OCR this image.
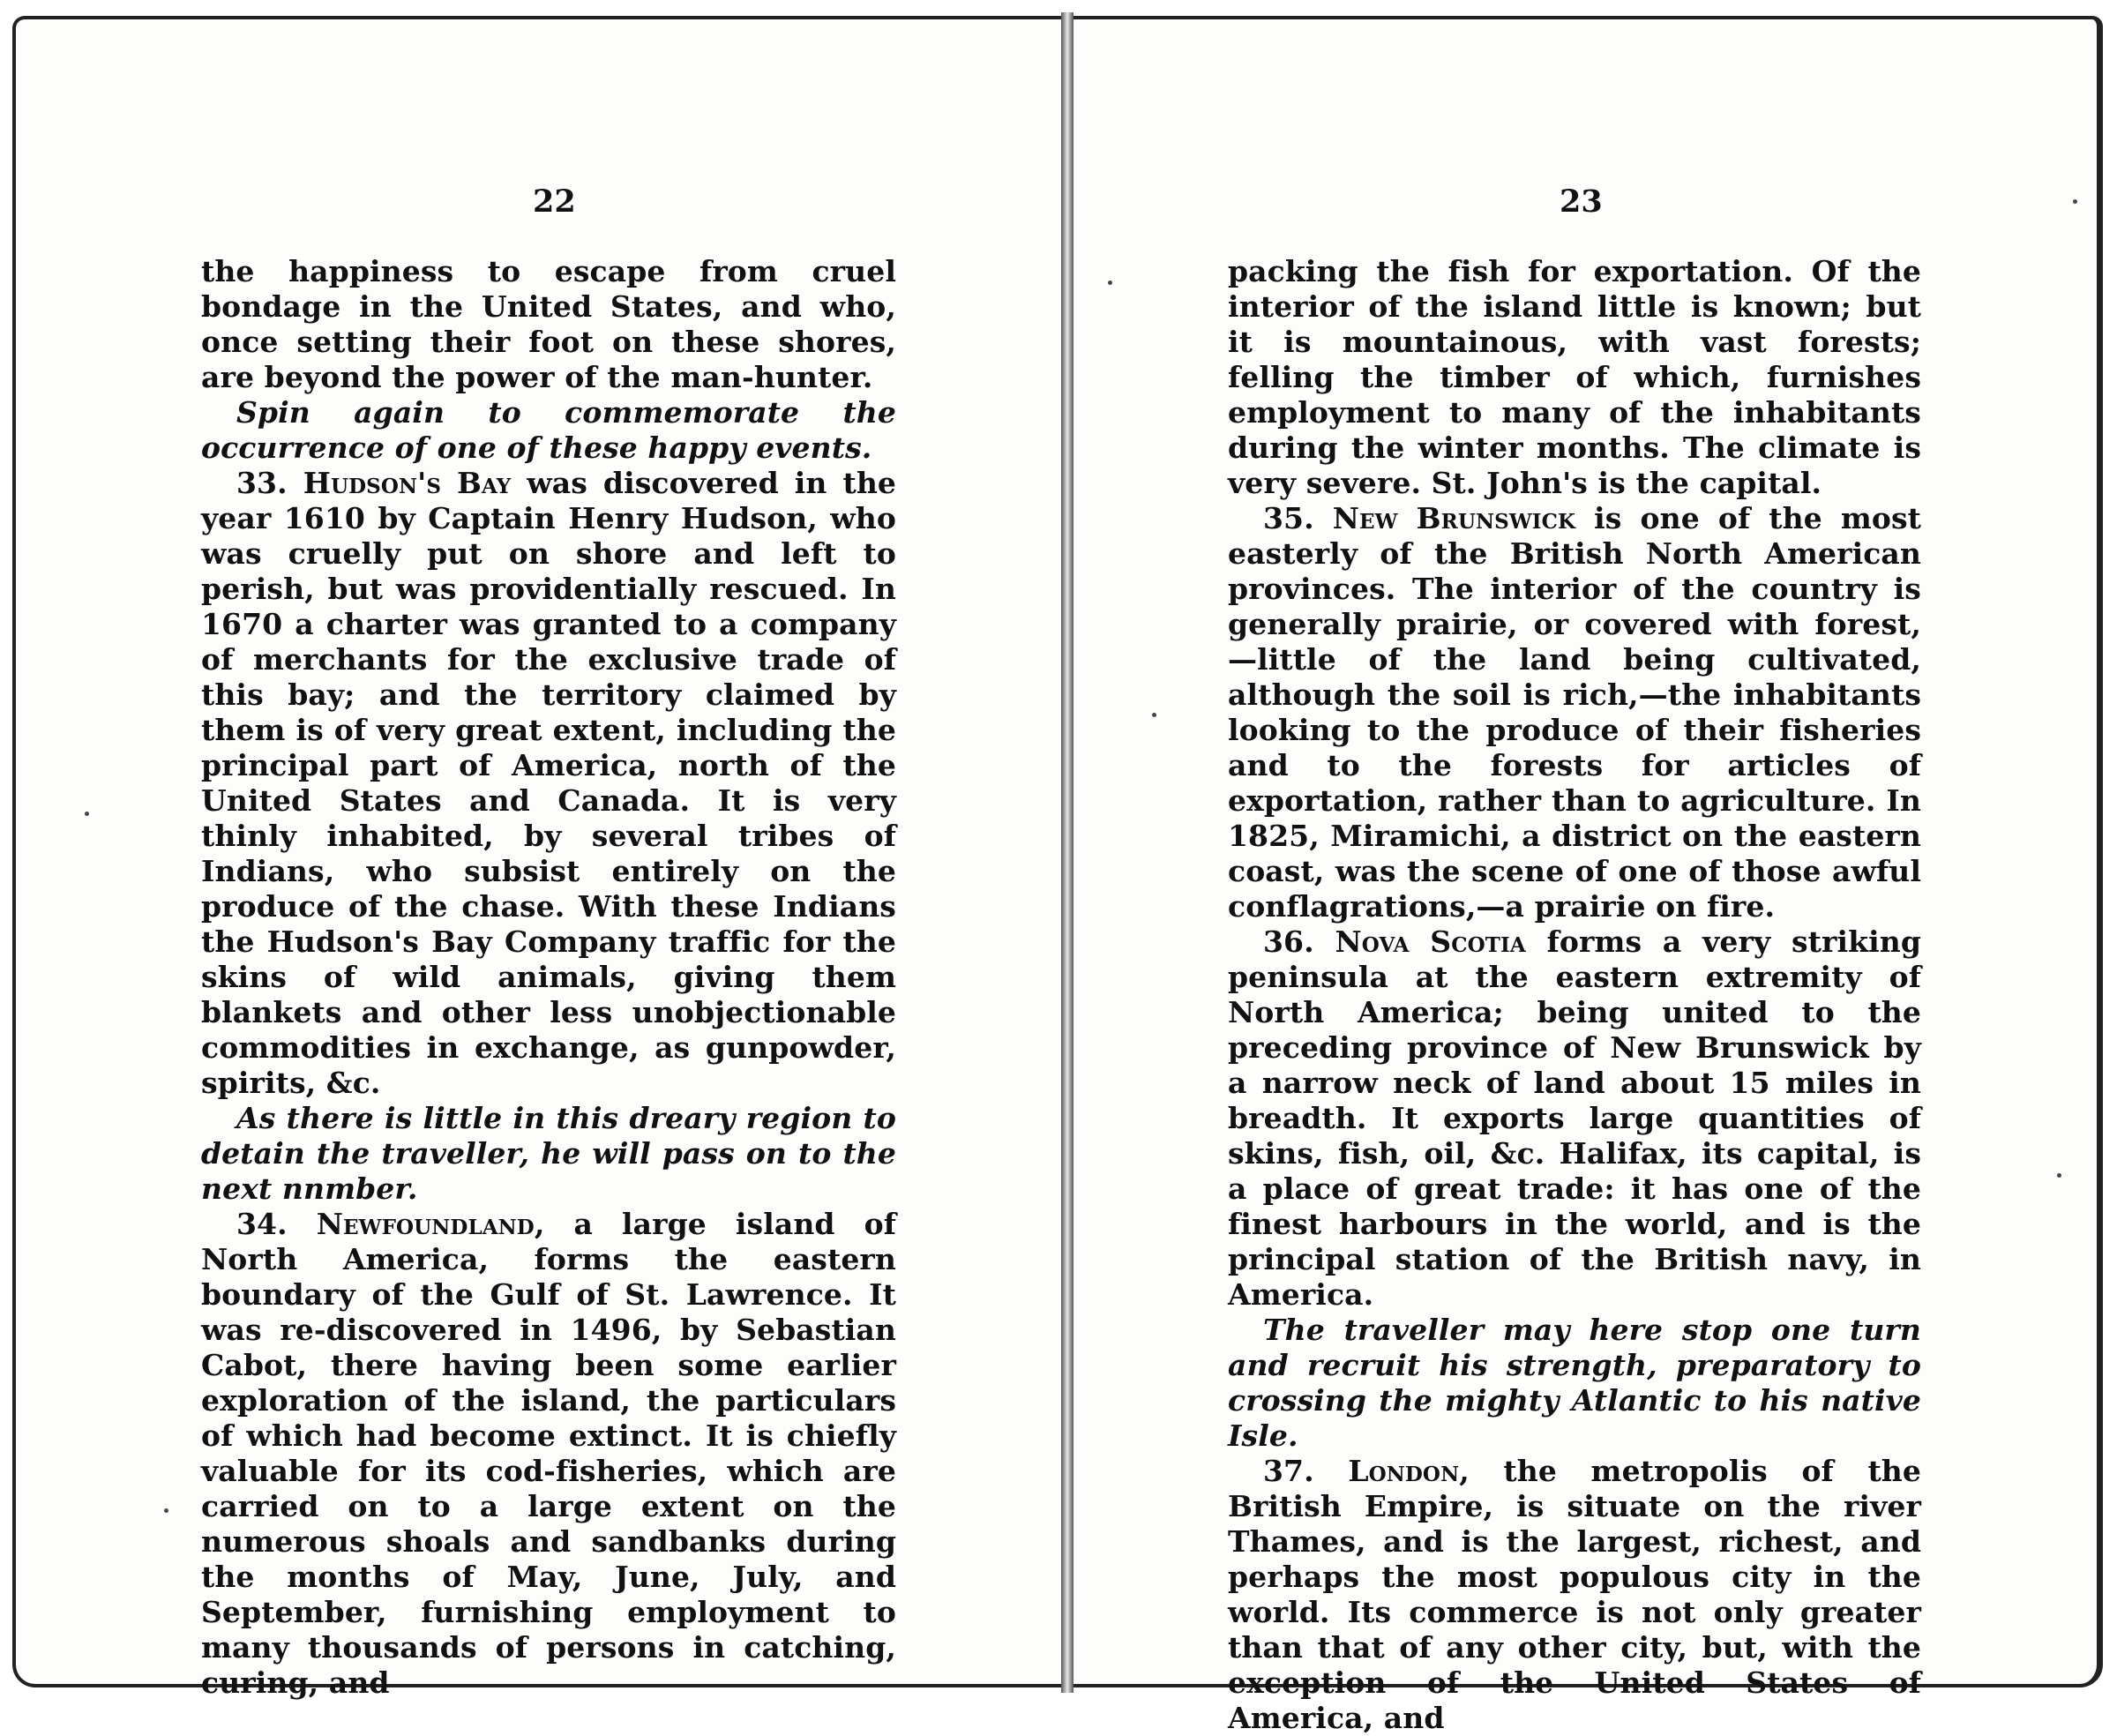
22	23

the happiness to escape from cruel bondage in the United States, and who, once setting their foot on these shores, are beyond the power of the man-hunter.

Spin again to commemorate the occurrence of one of these happy events.

33. Hudson's Bay was discovered in the year 1610 by Captain Henry Hudson, who was cruelly put on shore and left to perish, but was providentially rescued. In 1670 a charter was granted to a company of merchants for the exclusive trade of this bay; and the territory claimed by them is of very great extent, including the principal part of America, north of the United States and Canada. It is very thinly inhabited, by several tribes of Indians, who subsist entirely on the produce of the chase. With these Indians the Hudson's Bay Company traffic for the skins of wild animals, giving them blankets and other less unobjectionable commodities in exchange, as gunpowder, spirits, &c.

As there is little in this dreary region to detain the traveller, he will pass on to the next nnmber.

34. Newfoundland, a large island of North America, forms the eastern boundary of the Gulf of St. Lawrence. It was re-discovered in 1496, by Sebastian Cabot, there having been some earlier exploration of the island, the particulars of which had become extinct. It is chiefly valuable for its cod-fisheries, which are carried on to a large extent on the numerous shoals and sandbanks during the months of May, June, July, and September, furnishing employment to many thousands of persons in catching, curing, and

packing the fish for exportation. Of the interior of the island little is known; but it is mountainous, with vast forests; felling the timber of which, furnishes employment to many of the inhabitants during the winter months. The climate is very severe. St. John's is the capital.

35. New Brunswick is one of the most easterly of the British North American provinces. The interior of the country is generally prairie, or covered with forest,—little of the land being cultivated, although the soil is rich,—the inhabitants looking to the produce of their fisheries and to the forests for articles of exportation, rather than to agriculture. In 1825, Miramichi, a district on the eastern coast, was the scene of one of those awful conflagrations,—a prairie on fire.

36. Nova Scotia forms a very striking peninsula at the eastern extremity of North America; being united to the preceding province of New Brunswick by a narrow neck of land about 15 miles in breadth. It exports large quantities of skins, fish, oil, &c. Halifax, its capital, is a place of great trade: it has one of the finest harbours in the world, and is the principal station of the British navy, in America.

The traveller may here stop one turn and recruit his strength, preparatory to crossing the mighty Atlantic to his native Isle.

37. London, the metropolis of the British Empire, is situate on the river Thames, and is the largest, richest, and perhaps the most populous city in the world. Its commerce is not only greater than that of any other city, but, with the exception of the United States of America, and
